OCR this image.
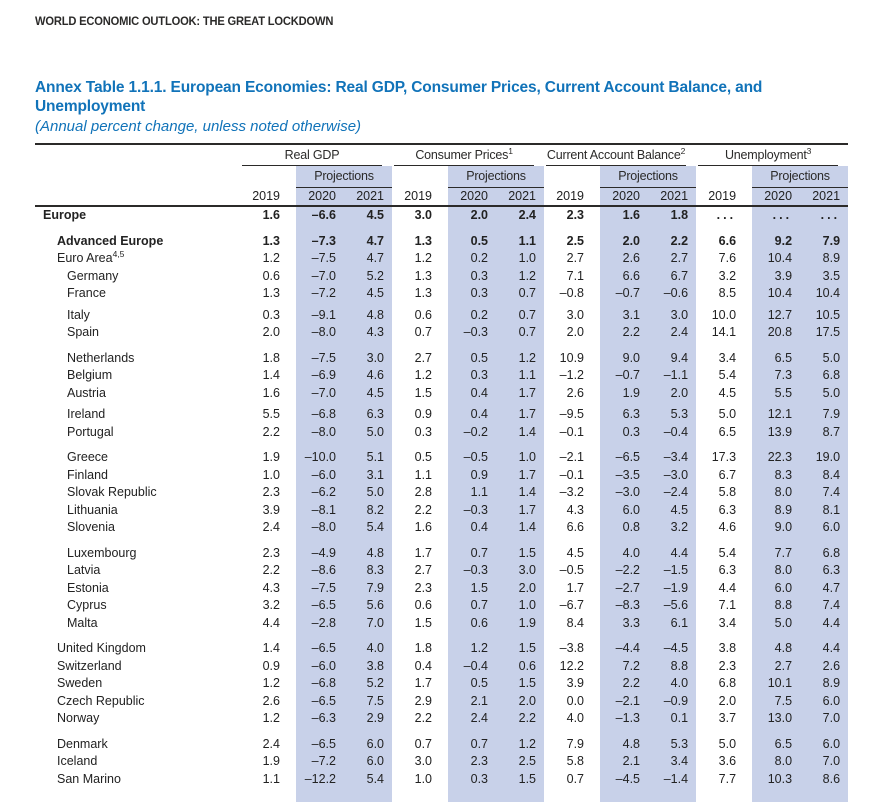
WORLD ECONOMIC OUTLOOK: THE GREAT LOCKDOWN
Annex Table 1.1.1. European Economies: Real GDP, Consumer Prices, Current Account Balance, and Unemployment
(Annual percent change, unless noted otherwise)

	Real GDP			Consumer Prices$^1$			Current Account Balance$^2$			Unemployment$^3$

		Projections			Projections			Projections			Projections	
	2019	2020	2021	2019	2020	2021	2019	2020	2021	2019	2020	2021
Europe	1.6	–6.6	4.5	3.0	2.0	2.4	2.3	1.6	1.8	...	...	...

Advanced Europe	1.3	–7.3	4.7	1.3	0.5	1.1	2.5	2.0	2.2	6.6	9.2	7.9
Euro Area$^{4,5}$	1.2	–7.5	4.7	1.2	0.2	1.0	2.7	2.6	2.7	7.6	10.4	8.9
Germany	0.6	–7.0	5.2	1.3	0.3	1.2	7.1	6.6	6.7	3.2	3.9	3.5
France	1.3	–7.2	4.5	1.3	0.3	0.7	–0.8	–0.7	–0.6	8.5	10.4	10.4

Italy	0.3	–9.1	4.8	0.6	0.2	0.7	3.0	3.1	3.0	10.0	12.7	10.5
Spain	2.0	–8.0	4.3	0.7	–0.3	0.7	2.0	2.2	2.4	14.1	20.8	17.5

Netherlands	1.8	–7.5	3.0	2.7	0.5	1.2	10.9	9.0	9.4	3.4	6.5	5.0
Belgium	1.4	–6.9	4.6	1.2	0.3	1.1	–1.2	–0.7	–1.1	5.4	7.3	6.8
Austria	1.6	–7.0	4.5	1.5	0.4	1.7	2.6	1.9	2.0	4.5	5.5	5.0

Ireland	5.5	–6.8	6.3	0.9	0.4	1.7	–9.5	6.3	5.3	5.0	12.1	7.9
Portugal	2.2	–8.0	5.0	0.3	–0.2	1.4	–0.1	0.3	–0.4	6.5	13.9	8.7

Greece	1.9	–10.0	5.1	0.5	–0.5	1.0	–2.1	–6.5	–3.4	17.3	22.3	19.0
Finland	1.0	–6.0	3.1	1.1	0.9	1.7	–0.1	–3.5	–3.0	6.7	8.3	8.4
Slovak Republic	2.3	–6.2	5.0	2.8	1.1	1.4	–3.2	–3.0	–2.4	5.8	8.0	7.4
Lithuania	3.9	–8.1	8.2	2.2	–0.3	1.7	4.3	6.0	4.5	6.3	8.9	8.1
Slovenia	2.4	–8.0	5.4	1.6	0.4	1.4	6.6	0.8	3.2	4.6	9.0	6.0

Luxembourg	2.3	–4.9	4.8	1.7	0.7	1.5	4.5	4.0	4.4	5.4	7.7	6.8
Latvia	2.2	–8.6	8.3	2.7	–0.3	3.0	–0.5	–2.2	–1.5	6.3	8.0	6.3
Estonia	4.3	–7.5	7.9	2.3	1.5	2.0	1.7	–2.7	–1.9	4.4	6.0	4.7
Cyprus	3.2	–6.5	5.6	0.6	0.7	1.0	–6.7	–8.3	–5.6	7.1	8.8	7.4
Malta	4.4	–2.8	7.0	1.5	0.6	1.9	8.4	3.3	6.1	3.4	5.0	4.4

United Kingdom	1.4	–6.5	4.0	1.8	1.2	1.5	–3.8	–4.4	–4.5	3.8	4.8	4.4
Switzerland	0.9	–6.0	3.8	0.4	–0.4	0.6	12.2	7.2	8.8	2.3	2.7	2.6
Sweden	1.2	–6.8	5.2	1.7	0.5	1.5	3.9	2.2	4.0	6.8	10.1	8.9
Czech Republic	2.6	–6.5	7.5	2.9	2.1	2.0	0.0	–2.1	–0.9	2.0	7.5	6.0
Norway	1.2	–6.3	2.9	2.2	2.4	2.2	4.0	–1.3	0.1	3.7	13.0	7.0

Denmark	2.4	–6.5	6.0	0.7	0.7	1.2	7.9	4.8	5.3	5.0	6.5	6.0
Iceland	1.9	–7.2	6.0	3.0	2.3	2.5	5.8	2.1	3.4	3.6	8.0	7.0
San Marino	1.1	–12.2	5.4	1.0	0.3	1.5	0.7	–4.5	–1.4	7.7	10.3	8.6
